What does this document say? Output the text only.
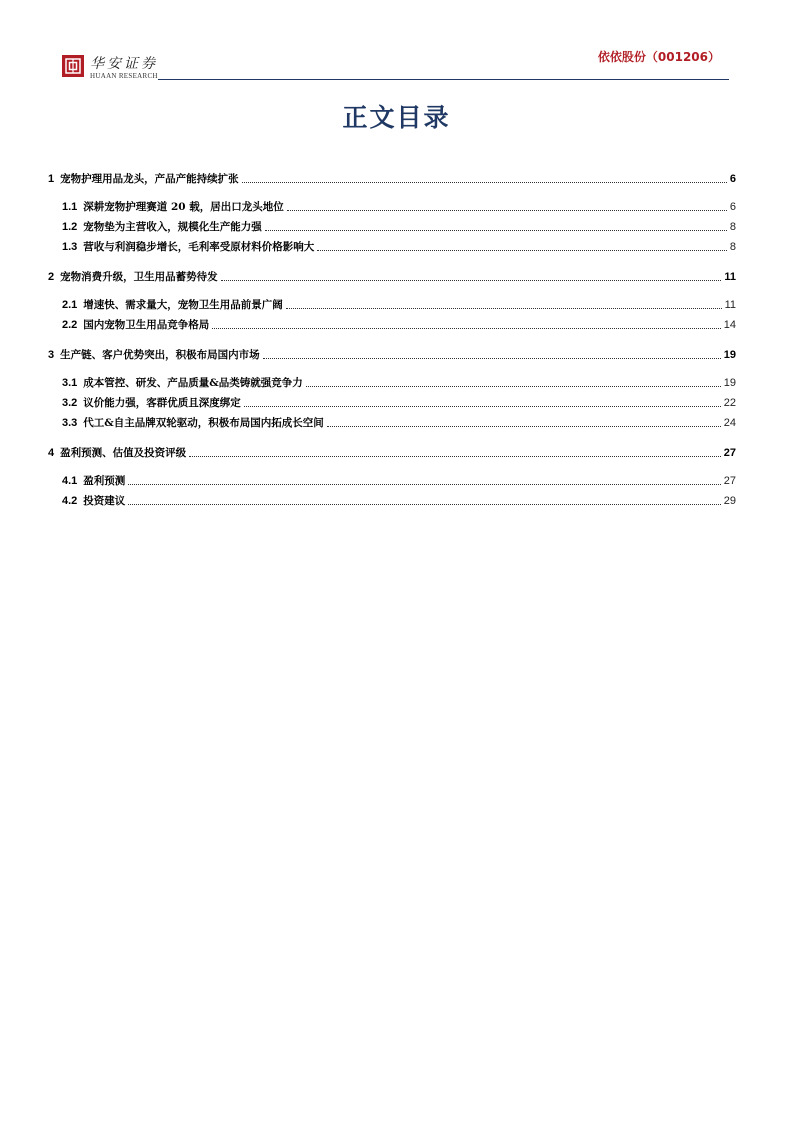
华安证券
HUAAN RESEARCH
依依股份（001206）
正文目录
1 宠物护理用品龙头，产品产能持续扩张	6
1.1 深耕宠物护理赛道 20 载，居出口龙头地位	6
1.2 宠物垫为主营收入，规模化生产能力强	8
1.3 营收与利润稳步增长，毛利率受原材料价格影响大	8
2 宠物消费升级，卫生用品蓄势待发	11
2.1 增速快、需求量大，宠物卫生用品前景广阔	11
2.2 国内宠物卫生用品竞争格局	14
3 生产链、客户优势突出，积极布局国内市场	19
3.1 成本管控、研发、产品质量&品类铸就强竞争力	19
3.2 议价能力强，客群优质且深度绑定	22
3.3 代工&自主品牌双轮驱动，积极布局国内拓成长空间	24
4 盈利预测、估值及投资评级	27
4.1 盈利预测	27
4.2 投资建议	29
